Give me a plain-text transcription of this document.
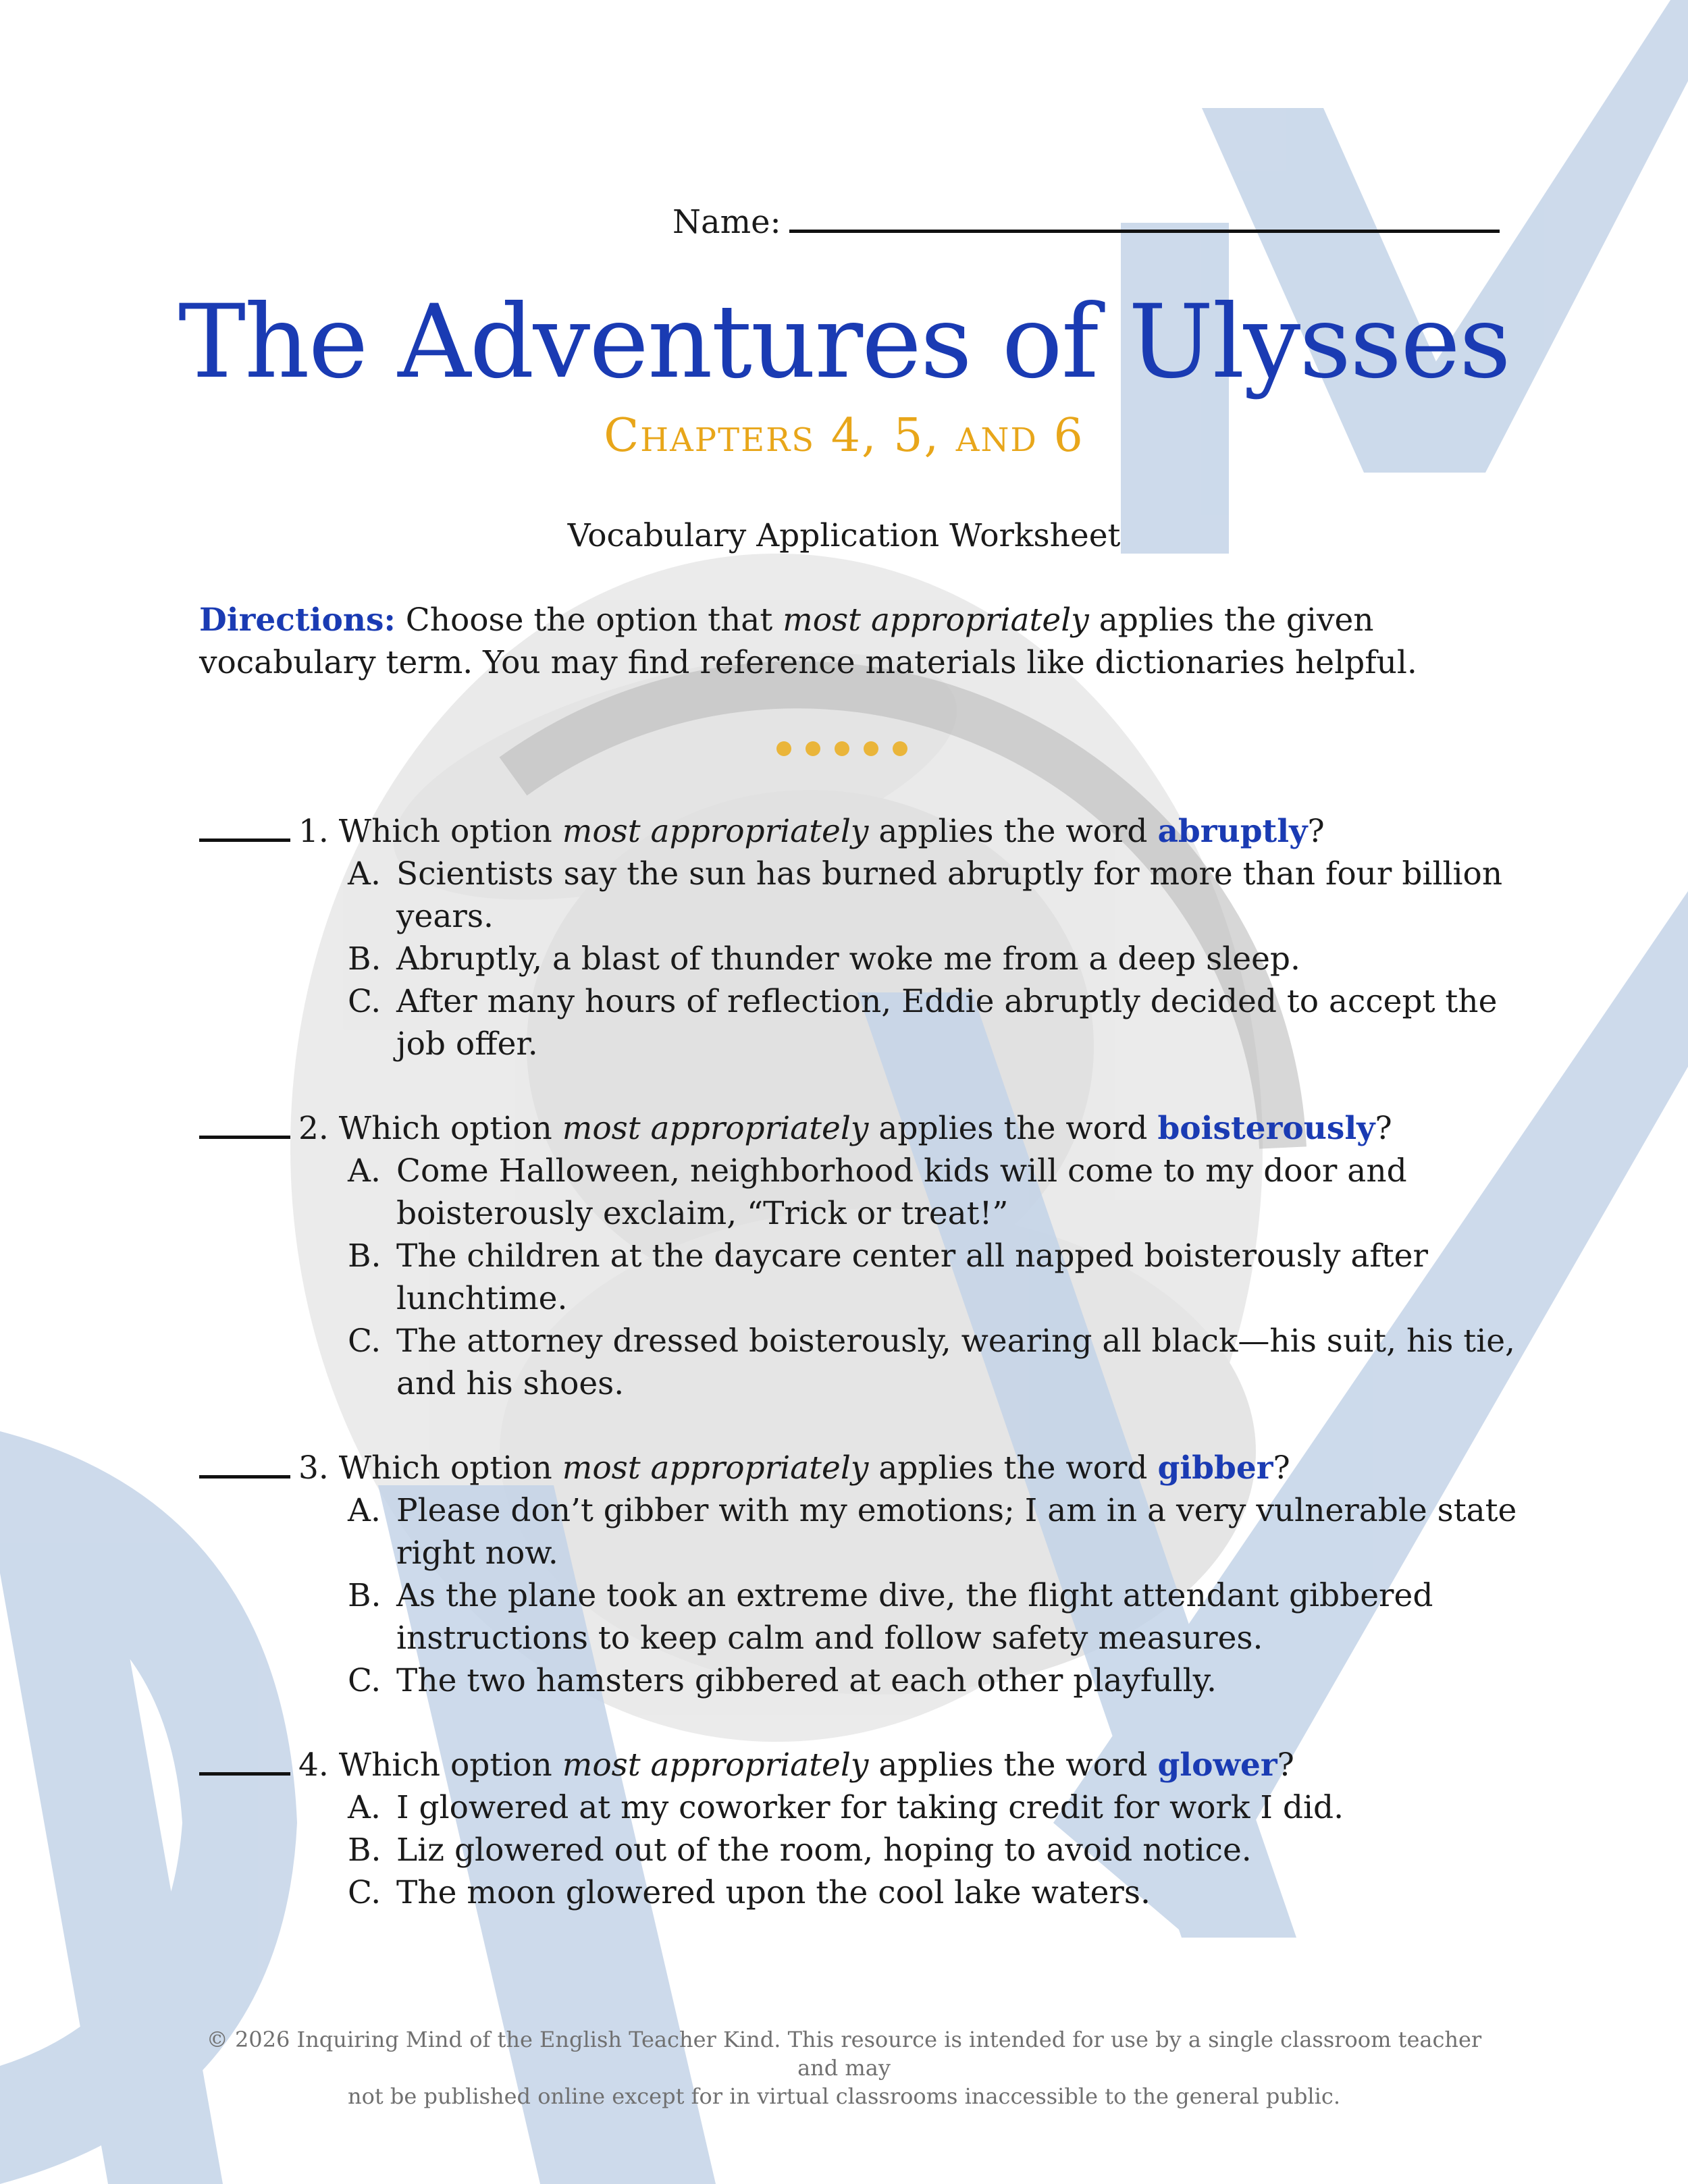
Name:
The Adventures of Ulysses
Chapters 4, 5, and 6
Vocabulary Application Worksheet
Directions: Choose the option that most appropriately applies the given vocabulary term. You may find reference materials like dictionaries helpful.
1. Which option most appropriately applies the word abruptly?
A. Scientists say the sun has burned abruptly for more than four billion years.
B. Abruptly, a blast of thunder woke me from a deep sleep.
C. After many hours of reflection, Eddie abruptly decided to accept the job offer.
2. Which option most appropriately applies the word boisterously?
A. Come Halloween, neighborhood kids will come to my door and boisterously exclaim, “Trick or treat!”
B. The children at the daycare center all napped boisterously after lunchtime.
C. The attorney dressed boisterously, wearing all black—his suit, his tie, and his shoes.
3. Which option most appropriately applies the word gibber?
A. Please don’t gibber with my emotions; I am in a very vulnerable state right now.
B. As the plane took an extreme dive, the flight attendant gibbered instructions to keep calm and follow safety measures.
C. The two hamsters gibbered at each other playfully.
4. Which option most appropriately applies the word glower?
A. I glowered at my coworker for taking credit for work I did.
B. Liz glowered out of the room, hoping to avoid notice.
C. The moon glowered upon the cool lake waters.
© 2026 Inquiring Mind of the English Teacher Kind. This resource is intended for use by a single classroom teacher and may
not be published online except for in virtual classrooms inaccessible to the general public.
